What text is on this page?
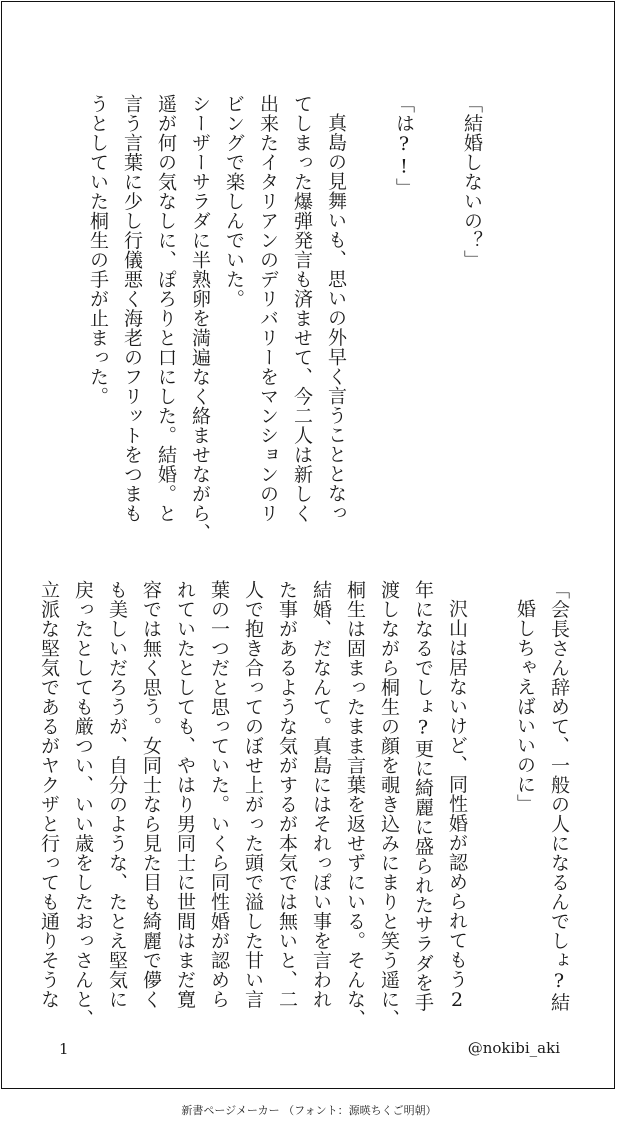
「結婚しないの？」

「は?!」

真島の見舞いも、思いの外早く言うこととなっ

てしまった爆弾発言も済ませて、今二人は新しく

出来たイタリアンのデリバリーをマンションのリ

ビングで楽しんでいた。

シーザーサラダに半熟卵を満遍なく絡ませながら、

遥が何の気なしに、ぽろりと口にした。結婚。と

言う言葉に少し行儀悪く海老のフリットをつまも

うとしていた桐生の手が止まった。

「会長さん辞めて、一般の人になるんでしょ?結

婚しちゃえばいいのに」

沢山は居ないけど、同性婚が認められてもう2

年になるでしょ?更に綺麗に盛られたサラダを手

渡しながら桐生の顔を覗き込みにまりと笑う遥に、

桐生は固まったまま言葉を返せずにいる。そんな、

結婚、だなんて。真島にはそれっぽい事を言われ

た事があるような気がするが本気では無いと、二

人で抱き合ってのぼせ上がった頭で溢した甘い言

葉の一つだと思っていた。いくら同性婚が認めら

れていたとしても、やはり男同士に世間はまだ寛

容では無く思う。女同士なら見た目も綺麗で儚く

も美しいだろうが、自分のような、たとえ堅気に

戻ったとしても厳つい、いい歳をしたおっさんと、

立派な堅気であるがヤクザと行っても通りそうな

1	@nokibi_aki
新書ページメーカー （フォント：源暎ちくご明朝）
